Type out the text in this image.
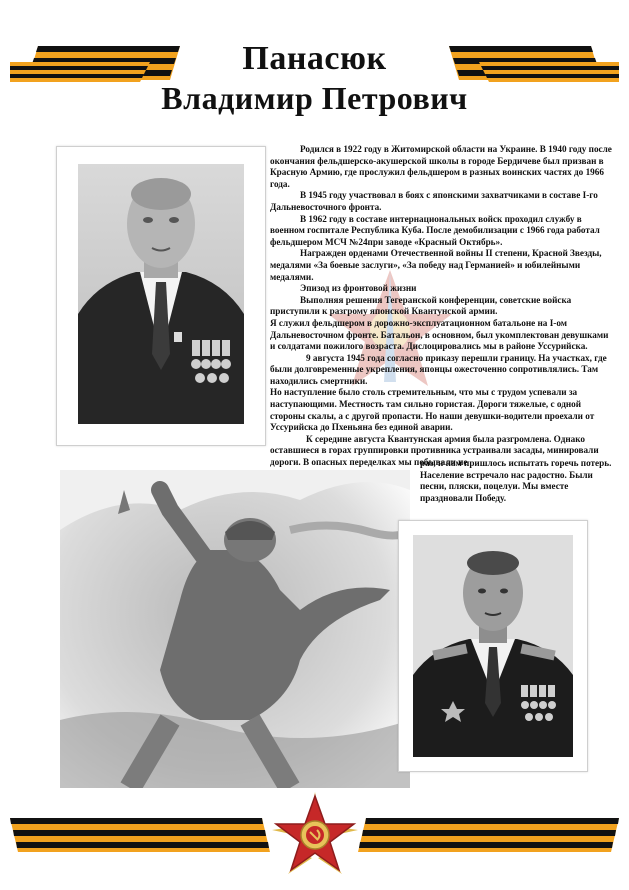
Панасюк
Владимир Петрович

Родился в 1922 году в Житомирской области на Украине. В 1940 году после окончания фельдшерско-акушерской школы в городе Бердичеве был призван в Красную Армию, где прослужил фельдшером в разных воинских частях до 1966 года.

В 1945 году участвовал в боях с японскими захватчиками в составе I-го Дальневосточного фронта.

В 1962 году в составе интернациональных войск проходил службу в военном госпитале Республика Куба. После демобилизации с 1966 года работал фельдшером МСЧ №24при заводе «Красный Октябрь».

Награжден орденами Отечественной войны II степени, Красной Звезды, медалями «За боевые заслуги», «За победу над Германией» и юбилейными медалями.

Эпизод из фронтовой жизни

Выполняя решения Тегеранской конференции, советские войска приступили к разгрому японской Квантунской армии.

Я служил фельдшером в дорожно-эксплуатационном батальоне на I-ом Дальневосточном фронте. Батальон, в основном, был укомплектован девушками и солдатами пожилого возраста. Дислоцировались мы в районе Уссурийска.

9 августа 1945 года согласно приказу перешли границу. На участках, где были долговременные укрепления, японцы ожесточенно сопротивлялись. Там находились смертники.

Но наступление было столь стремительным, что мы с трудом успевали за наступающими. Местность там сильно гористая. Дороги тяжелые, с одной стороны скалы, а с другой пропасти. Но наши девушки-водители проехали от Уссурийска до Пхеньяна без единой аварии.

К середине августа Квантунская армия была разгромлена. Однако оставшиеся в горах группировки противника устраивали засады, минировали дороги. В опасных переделках мы побывали не

раз, и нам пришлось испытать горечь потерь. Население встречало нас радостно. Были песни, пляски, поцелуи. Мы вместе праздновали Победу.
